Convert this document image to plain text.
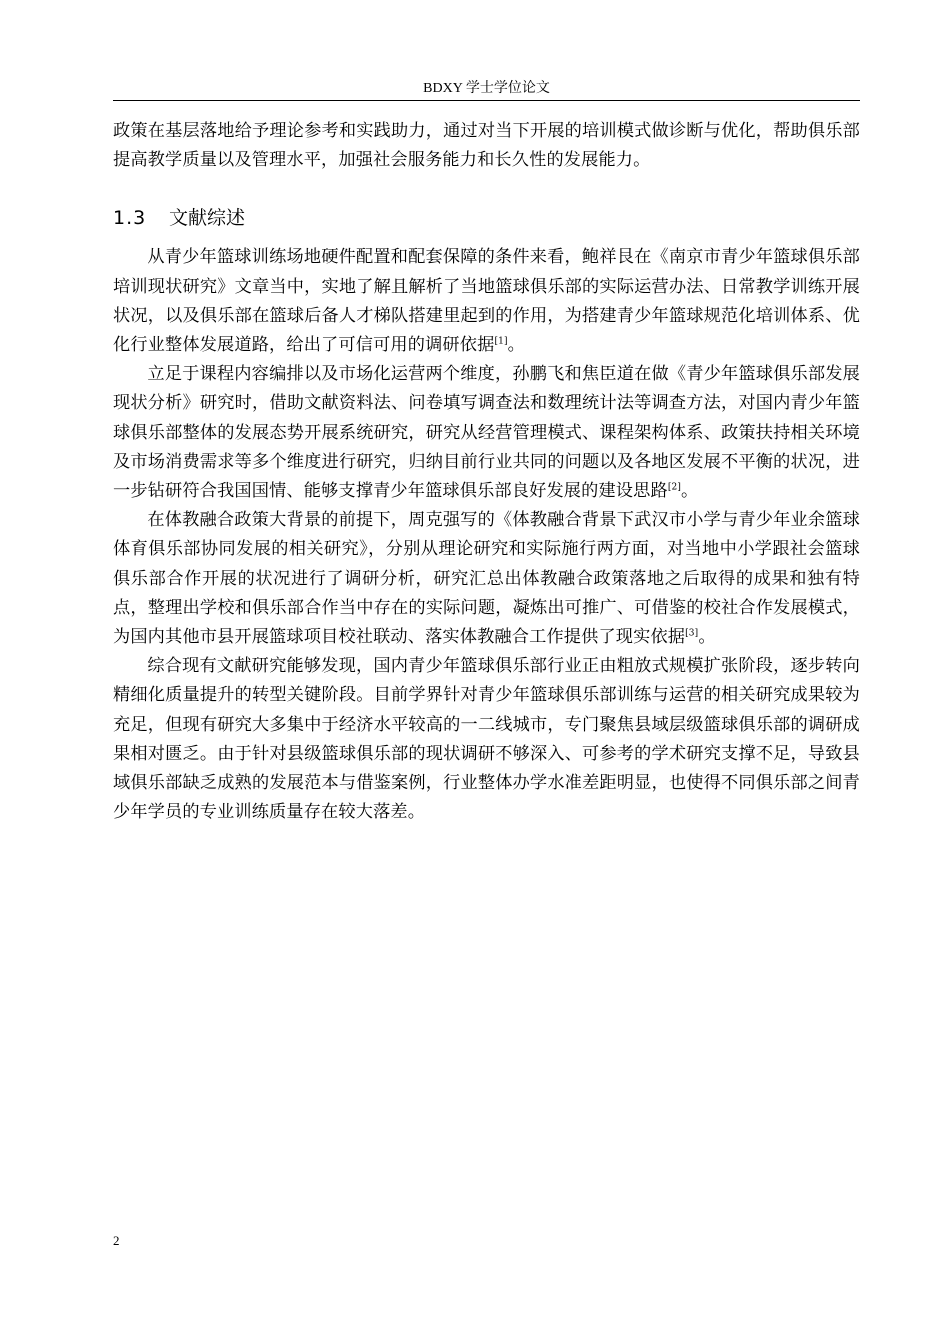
BDXY 学士学位论文

政策在基层落地给予理论参考和实践助力，通过对当下开展的培训模式做诊断与优化，帮助俱乐部提高教学质量以及管理水平，加强社会服务能力和长久性的发展能力。

1.3 文献综述

从青少年篮球训练场地硬件配置和配套保障的条件来看，鲍祥艮在《南京市青少年篮球俱乐部培训现状研究》文章当中，实地了解且解析了当地篮球俱乐部的实际运营办法、日常教学训练开展状况，以及俱乐部在篮球后备人才梯队搭建里起到的作用，为搭建青少年篮球规范化培训体系、优化行业整体发展道路，给出了可信可用的调研依据[1]。

立足于课程内容编排以及市场化运营两个维度，孙鹏飞和焦臣道在做《青少年篮球俱乐部发展现状分析》研究时，借助文献资料法、问卷填写调查法和数理统计法等调查方法，对国内青少年篮球俱乐部整体的发展态势开展系统研究，研究从经营管理模式、课程架构体系、政策扶持相关环境及市场消费需求等多个维度进行研究，归纳目前行业共同的问题以及各地区发展不平衡的状况，进一步钻研符合我国国情、能够支撑青少年篮球俱乐部良好发展的建设思路[2]。

在体教融合政策大背景的前提下，周克强写的《体教融合背景下武汉市小学与青少年业余篮球体育俱乐部协同发展的相关研究》，分别从理论研究和实际施行两方面，对当地中小学跟社会篮球俱乐部合作开展的状况进行了调研分析，研究汇总出体教融合政策落地之后取得的成果和独有特点，整理出学校和俱乐部合作当中存在的实际问题，凝炼出可推广、可借鉴的校社合作发展模式，为国内其他市县开展篮球项目校社联动、落实体教融合工作提供了现实依据[3]。

综合现有文献研究能够发现，国内青少年篮球俱乐部行业正由粗放式规模扩张阶段，逐步转向精细化质量提升的转型关键阶段。目前学界针对青少年篮球俱乐部训练与运营的相关研究成果较为充足，但现有研究大多集中于经济水平较高的一二线城市，专门聚焦县域层级篮球俱乐部的调研成果相对匮乏。由于针对县级篮球俱乐部的现状调研不够深入、可参考的学术研究支撑不足，导致县域俱乐部缺乏成熟的发展范本与借鉴案例，行业整体办学水准差距明显，也使得不同俱乐部之间青少年学员的专业训练质量存在较大落差。

2
